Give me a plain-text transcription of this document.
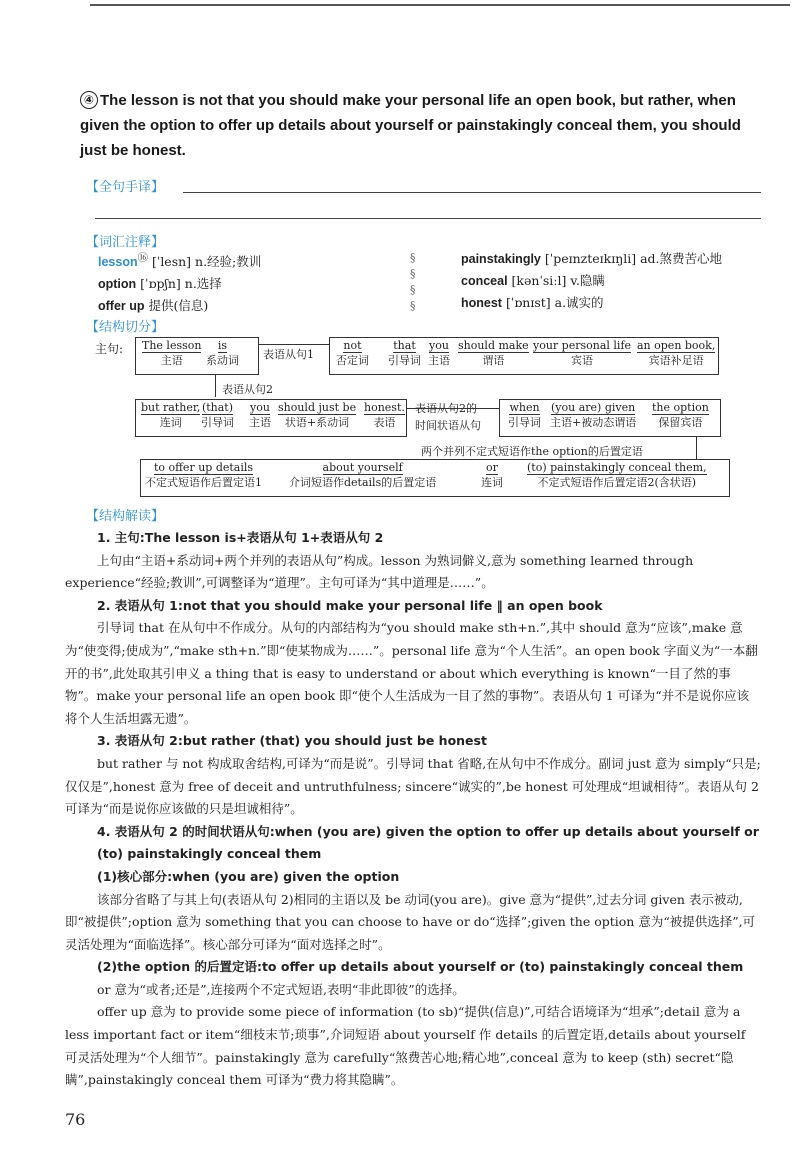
④ The lesson is not that you should make your personal life an open book, but rather, when given the option to offer up details about yourself or painstakingly conceal them, you should just be honest.
【全句手译】
【词汇注释】
lesson⑯ [ˈlesn] n.经验;教训
option [ˈɒpʃn] n.选择
offer up 提供(信息)
§
§
§
§
painstakingly [ˈpeɪnzteɪkɪŋli] ad.煞费苦心地
conceal [kənˈsiːl] v.隐瞒
honest [ˈɒnɪst] a.诚实的
【结构切分】
主句: The lesson
主语
is
系动词 表语从句1
not
否定词
that
引导词
you
主语
should make
谓语
your personal life
宾语
an open book,
宾语补足语
表语从句2
but rather,
连词
(that)
引导词
you
主语
should just be
状语+系动词
honest.
表语
表语从句2的
时间状语从句
when
引导词
(you are) given
主语+被动态谓语
the option
保留宾语
两个并列不定式短语作the option的后置定语
to offer up details
不定式短语作后置定语1
about yourself
介词短语作details的后置定语
or
连词
(to) painstakingly conceal them,
不定式短语作后置定语2(含状语)
【结构解读】
1. 主句:The lesson is+表语从句 1+表语从句 2

上句由“主语+系动词+两个并列的表语从句”构成。lesson 为熟词僻义,意为 something learned through experience“经验;教训”,可调整译为“道理”。主句可译为“其中道理是……”。

2. 表语从句 1:not that you should make your personal life ‖ an open book

引导词 that 在从句中不作成分。从句的内部结构为“you should make sth+n.”,其中 should 意为“应该”,make 意为“使变得;使成为”,“make sth+n.”即“使某物成为……”。personal life 意为“个人生活”。an open book 字面义为“一本翻开的书”,此处取其引申义 a thing that is easy to understand or about which everything is known“一目了然的事物”。make your personal life an open book 即“使个人生活成为一目了然的事物”。表语从句 1 可译为“并不是说你应该将个人生活坦露无遗”。

3. 表语从句 2:but rather (that) you should just be honest

but rather 与 not 构成取舍结构,可译为“而是说”。引导词 that 省略,在从句中不作成分。副词 just 意为 simply“只是;仅仅是”,honest 意为 free of deceit and untruthfulness; sincere“诚实的”,be honest 可处理成“坦诚相待”。表语从句 2 可译为“而是说你应该做的只是坦诚相待”。

4. 表语从句 2 的时间状语从句:when (you are) given the option to offer up details about yourself or (to) painstakingly conceal them
(1)核心部分:when (you are) given the option

该部分省略了与其上句(表语从句 2)相同的主语以及 be 动词(you are)。give 意为“提供”,过去分词 given 表示被动,即“被提供”;option 意为 something that you can choose to have or do“选择”;given the option 意为“被提供选择”,可灵活处理为“面临选择”。核心部分可译为“面对选择之时”。

(2)the option 的后置定语:to offer up details about yourself or (to) painstakingly conceal them

or 意为“或者;还是”,连接两个不定式短语,表明“非此即彼”的选择。

offer up 意为 to provide some piece of information (to sb)“提供(信息)”,可结合语境译为“坦承”;detail 意为 a less important fact or item“细枝末节;琐事”,介词短语 about yourself 作 details 的后置定语,details about yourself 可灵活处理为“个人细节”。painstakingly 意为 carefully“煞费苦心地;精心地”,conceal 意为 to keep (sth) secret“隐瞒”,painstakingly conceal them 可译为“费力将其隐瞒”。

76
